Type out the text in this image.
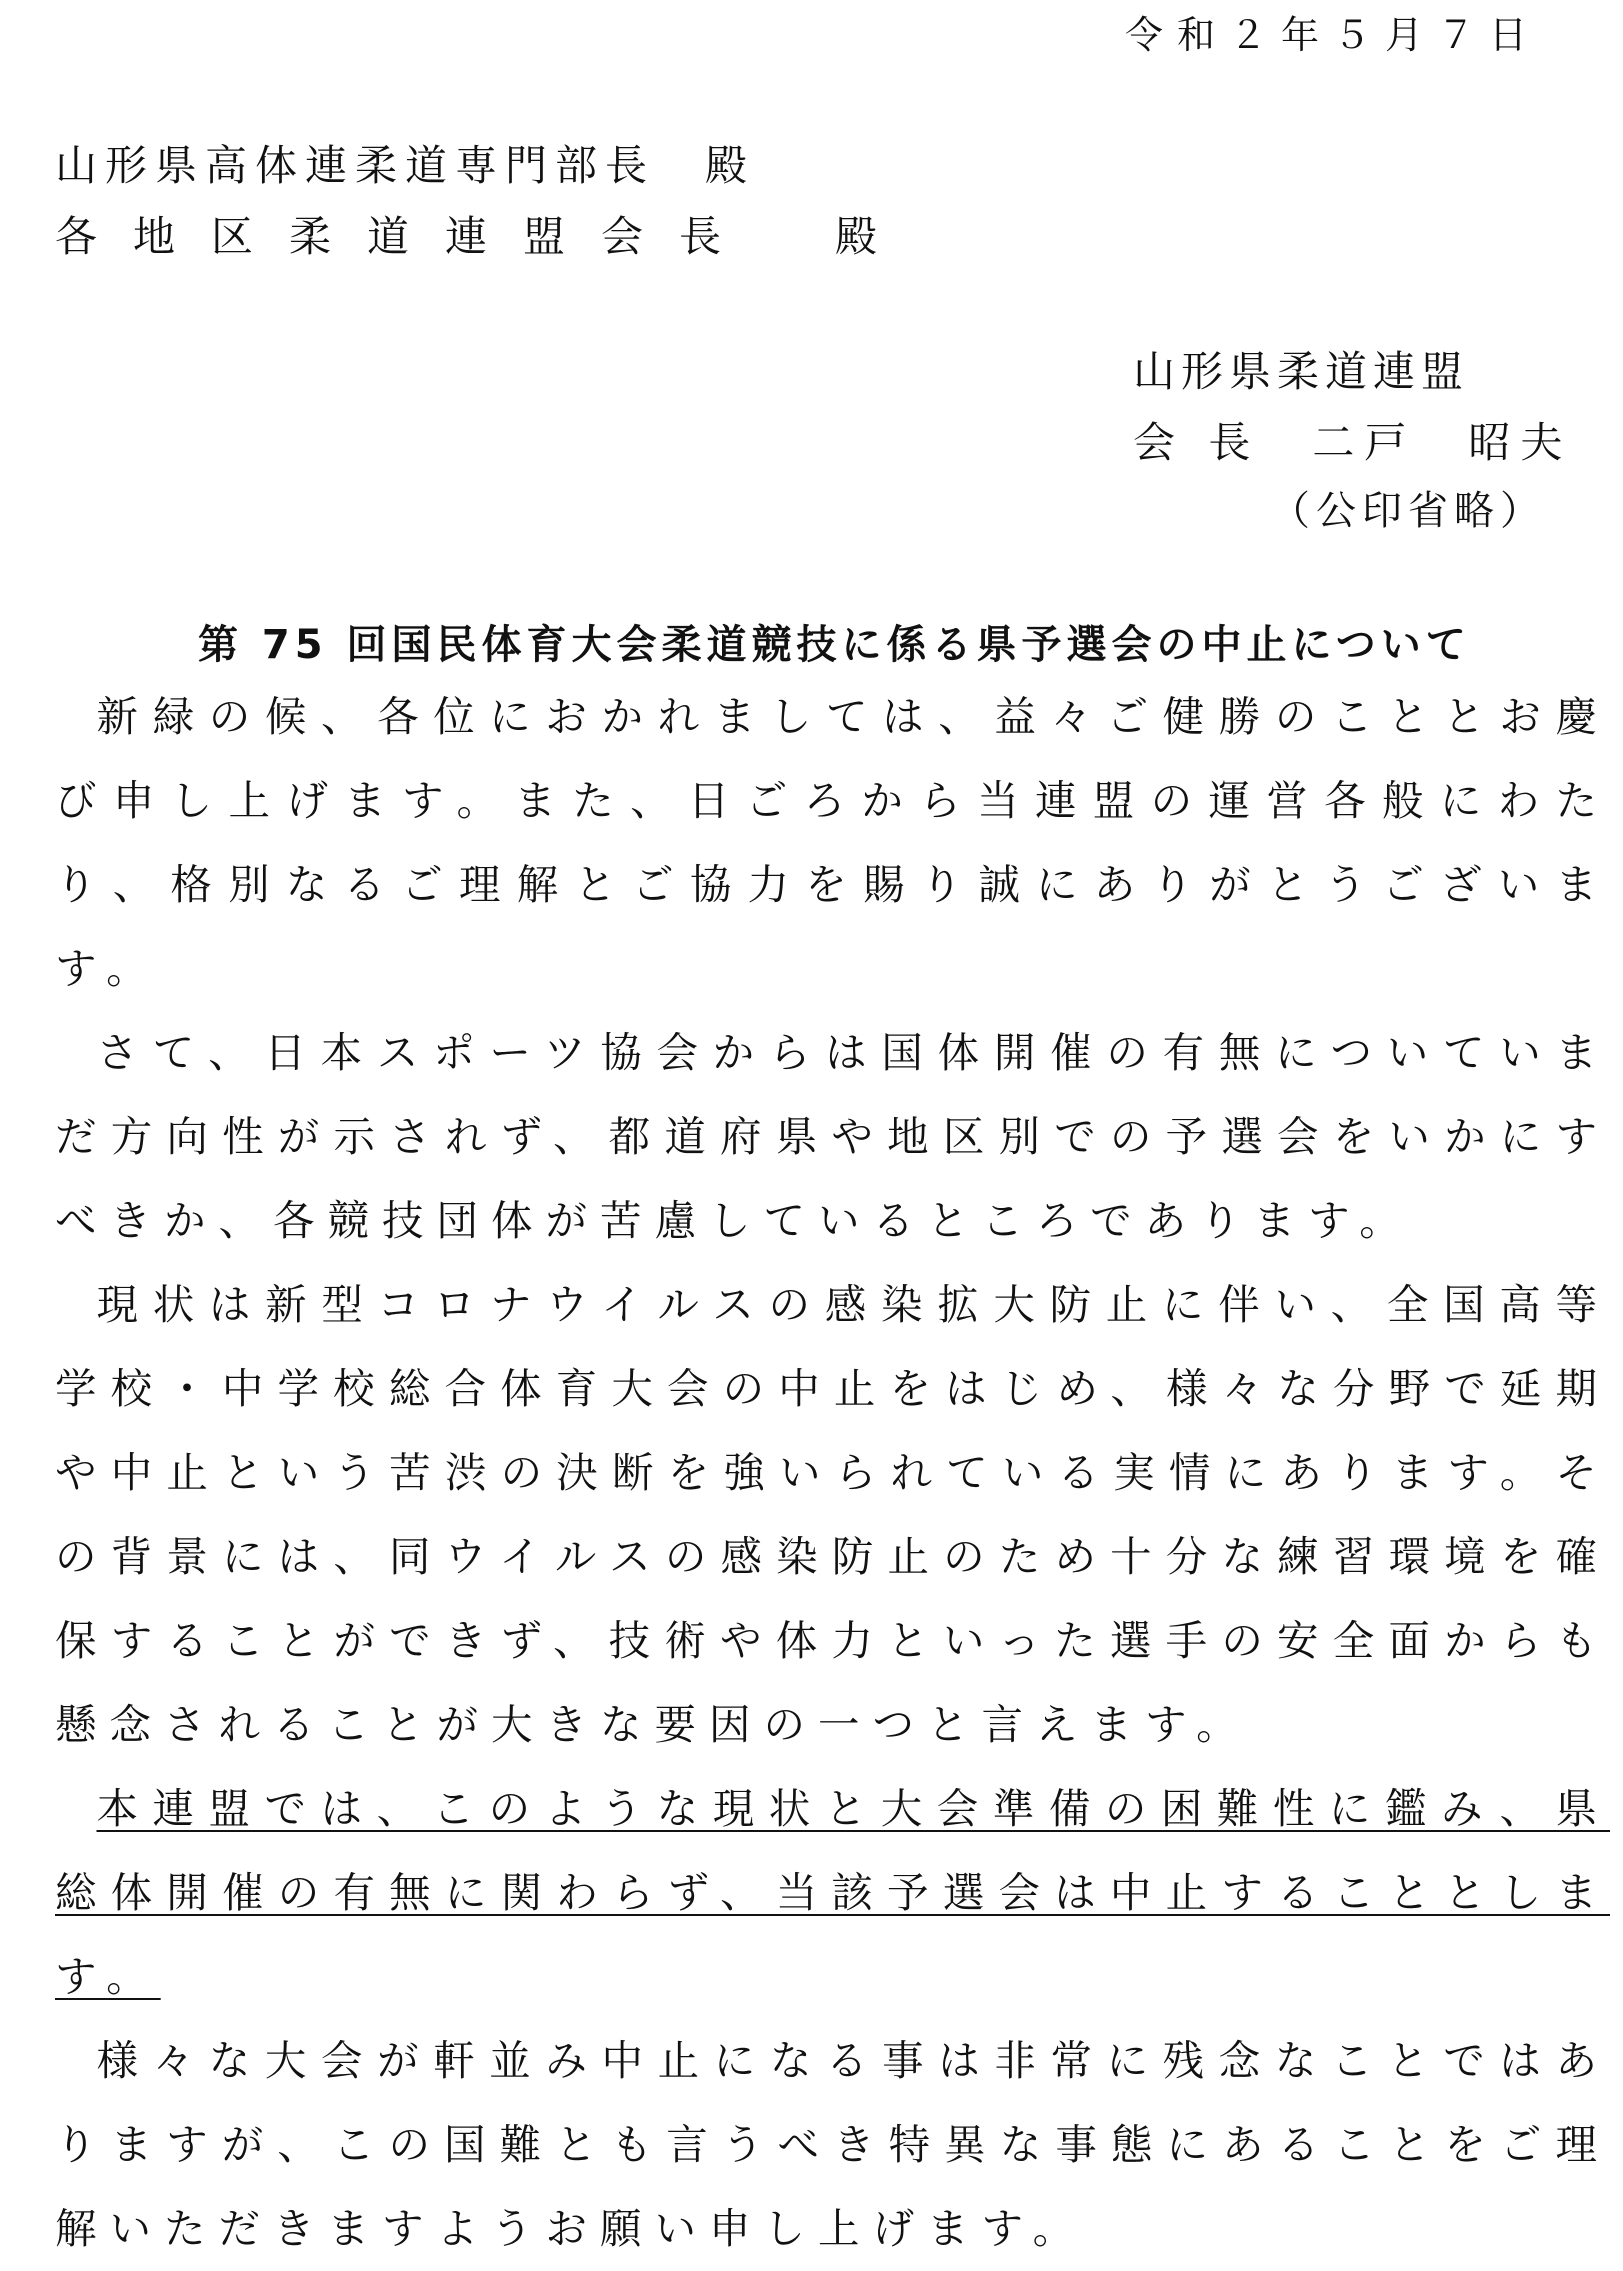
令和２年５月７日
山形県高体連柔道専門部長　殿
各地区柔道連盟会長　殿
山形県柔道連盟
会 長　二戸　昭夫
（公印省略）
第 75 回国民体育大会柔道競技に係る県予選会の中止について

新緑の候、各位におかれましては、益々ご健勝のこととお慶び申し上げます。また、日ごろから当連盟の運営各般にわたり、格別なるご理解とご協力を賜り誠にありがとうございます。

さて、日本スポーツ協会からは国体開催の有無についていまだ方向性が示されず、都道府県や地区別での予選会をいかにすべきか、各競技団体が苦慮しているところであります。

現状は新型コロナウイルスの感染拡大防止に伴い、全国高等学校・中学校総合体育大会の中止をはじめ、様々な分野で延期や中止という苦渋の決断を強いられている実情にあります。その背景には、同ウイルスの感染防止のため十分な練習環境を確保することができず、技術や体力といった選手の安全面からも懸念されることが大きな要因の一つと言えます。

本連盟では、このような現状と大会準備の困難性に鑑み、県総体開催の有無に関わらず、当該予選会は中止することとします。

様々な大会が軒並み中止になる事は非常に残念なことではありますが、この国難とも言うべき特異な事態にあることをご理解いただきますようお願い申し上げます。
